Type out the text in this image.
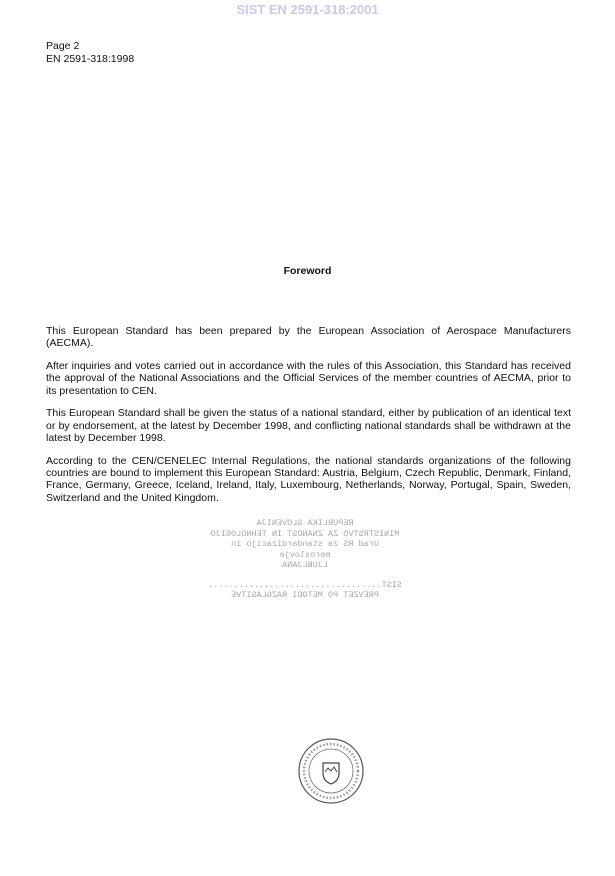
SIST EN 2591-318:2001
Page 2
EN 2591-318:1998
Foreword

This European Standard has been prepared by the European Association of Aerospace Manufacturers (AECMA).

After inquiries and votes carried out in accordance with the rules of this Association, this Standard has received the approval of the National Associations and the Official Services of the member countries of AECMA, prior to its presentation to CEN.

This European Standard shall be given the status of a national standard, either by publication of an identical text or by endorsement, at the latest by December 1998, and conflicting national standards shall be withdrawn at the latest by December 1998.

According to the CEN/CENELEC Internal Regulations, the national standards organizations of the following countries are bound to implement this European Standard: Austria, Belgium, Czech Republic, Denmark, Finland, France, Germany, Greece, Iceland, Ireland, Italy, Luxembourg, Netherlands, Norway, Portugal, Spain, Sweden, Switzerland and the United Kingdom.

REPUBLIKA SLOVENIJA
MINISTRSTVO ZA ZNANOST IN TEHNOLOGIJO
Urad RS za standardizacijo in meroslovje
LJUBLJANA
SIST..................................
PREVZET PO METODI RAZGLASITVE
